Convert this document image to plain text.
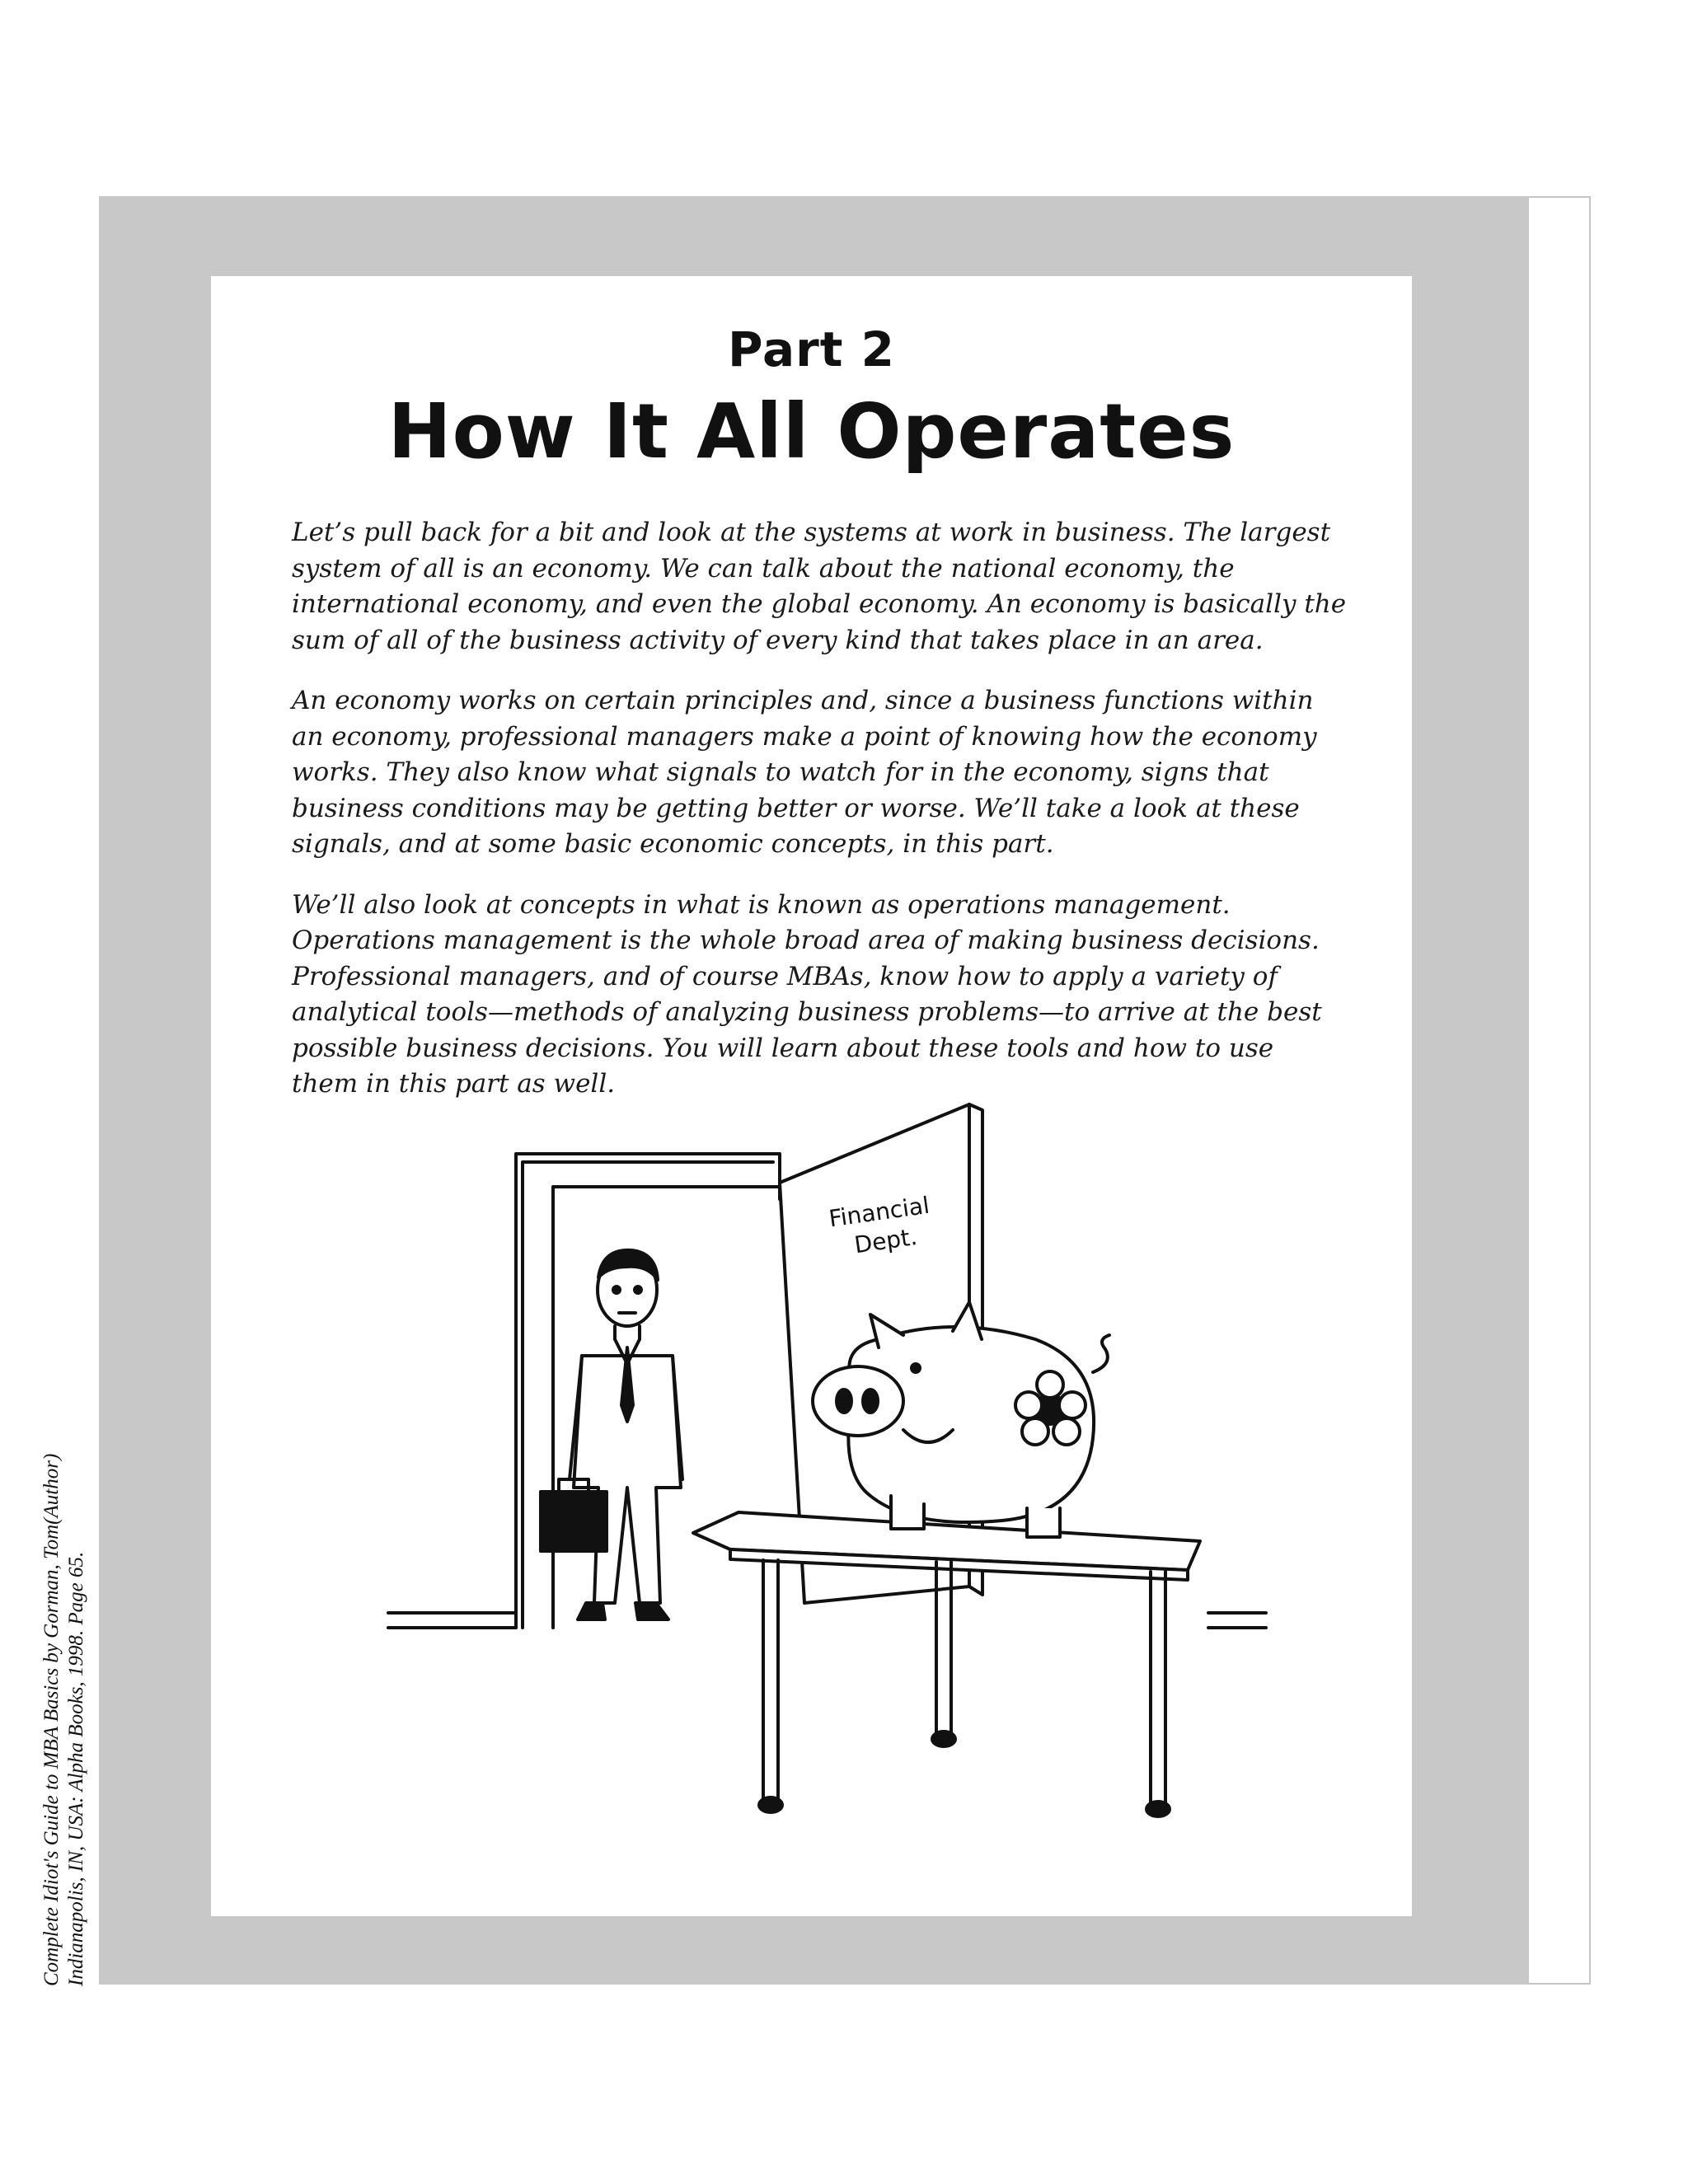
Part 2
How It All Operates

Let’s pull back for a bit and look at the systems at work in business. The largest system of all is an economy. We can talk about the national economy, the international economy, and even the global economy. An economy is basically the sum of all of the business activity of every kind that takes place in an area.

An economy works on certain principles and, since a business functions within an economy, professional managers make a point of knowing how the economy works. They also know what signals to watch for in the economy, signs that business conditions may be getting better or worse. We’ll take a look at these signals, and at some basic economic concepts, in this part.

We’ll also look at concepts in what is known as operations management. Operations management is the whole broad area of making business decisions. Professional managers, and of course MBAs, know how to apply a variety of analytical tools—methods of analyzing business problems—to arrive at the best possible business decisions. You will learn about these tools and how to use them in this part as well.

Financial
Dept.
Complete Idiot's Guide to MBA Basics by Gorman, Tom(Author) Indianapolis, IN, USA: Alpha Books, 1998. Page 65.
